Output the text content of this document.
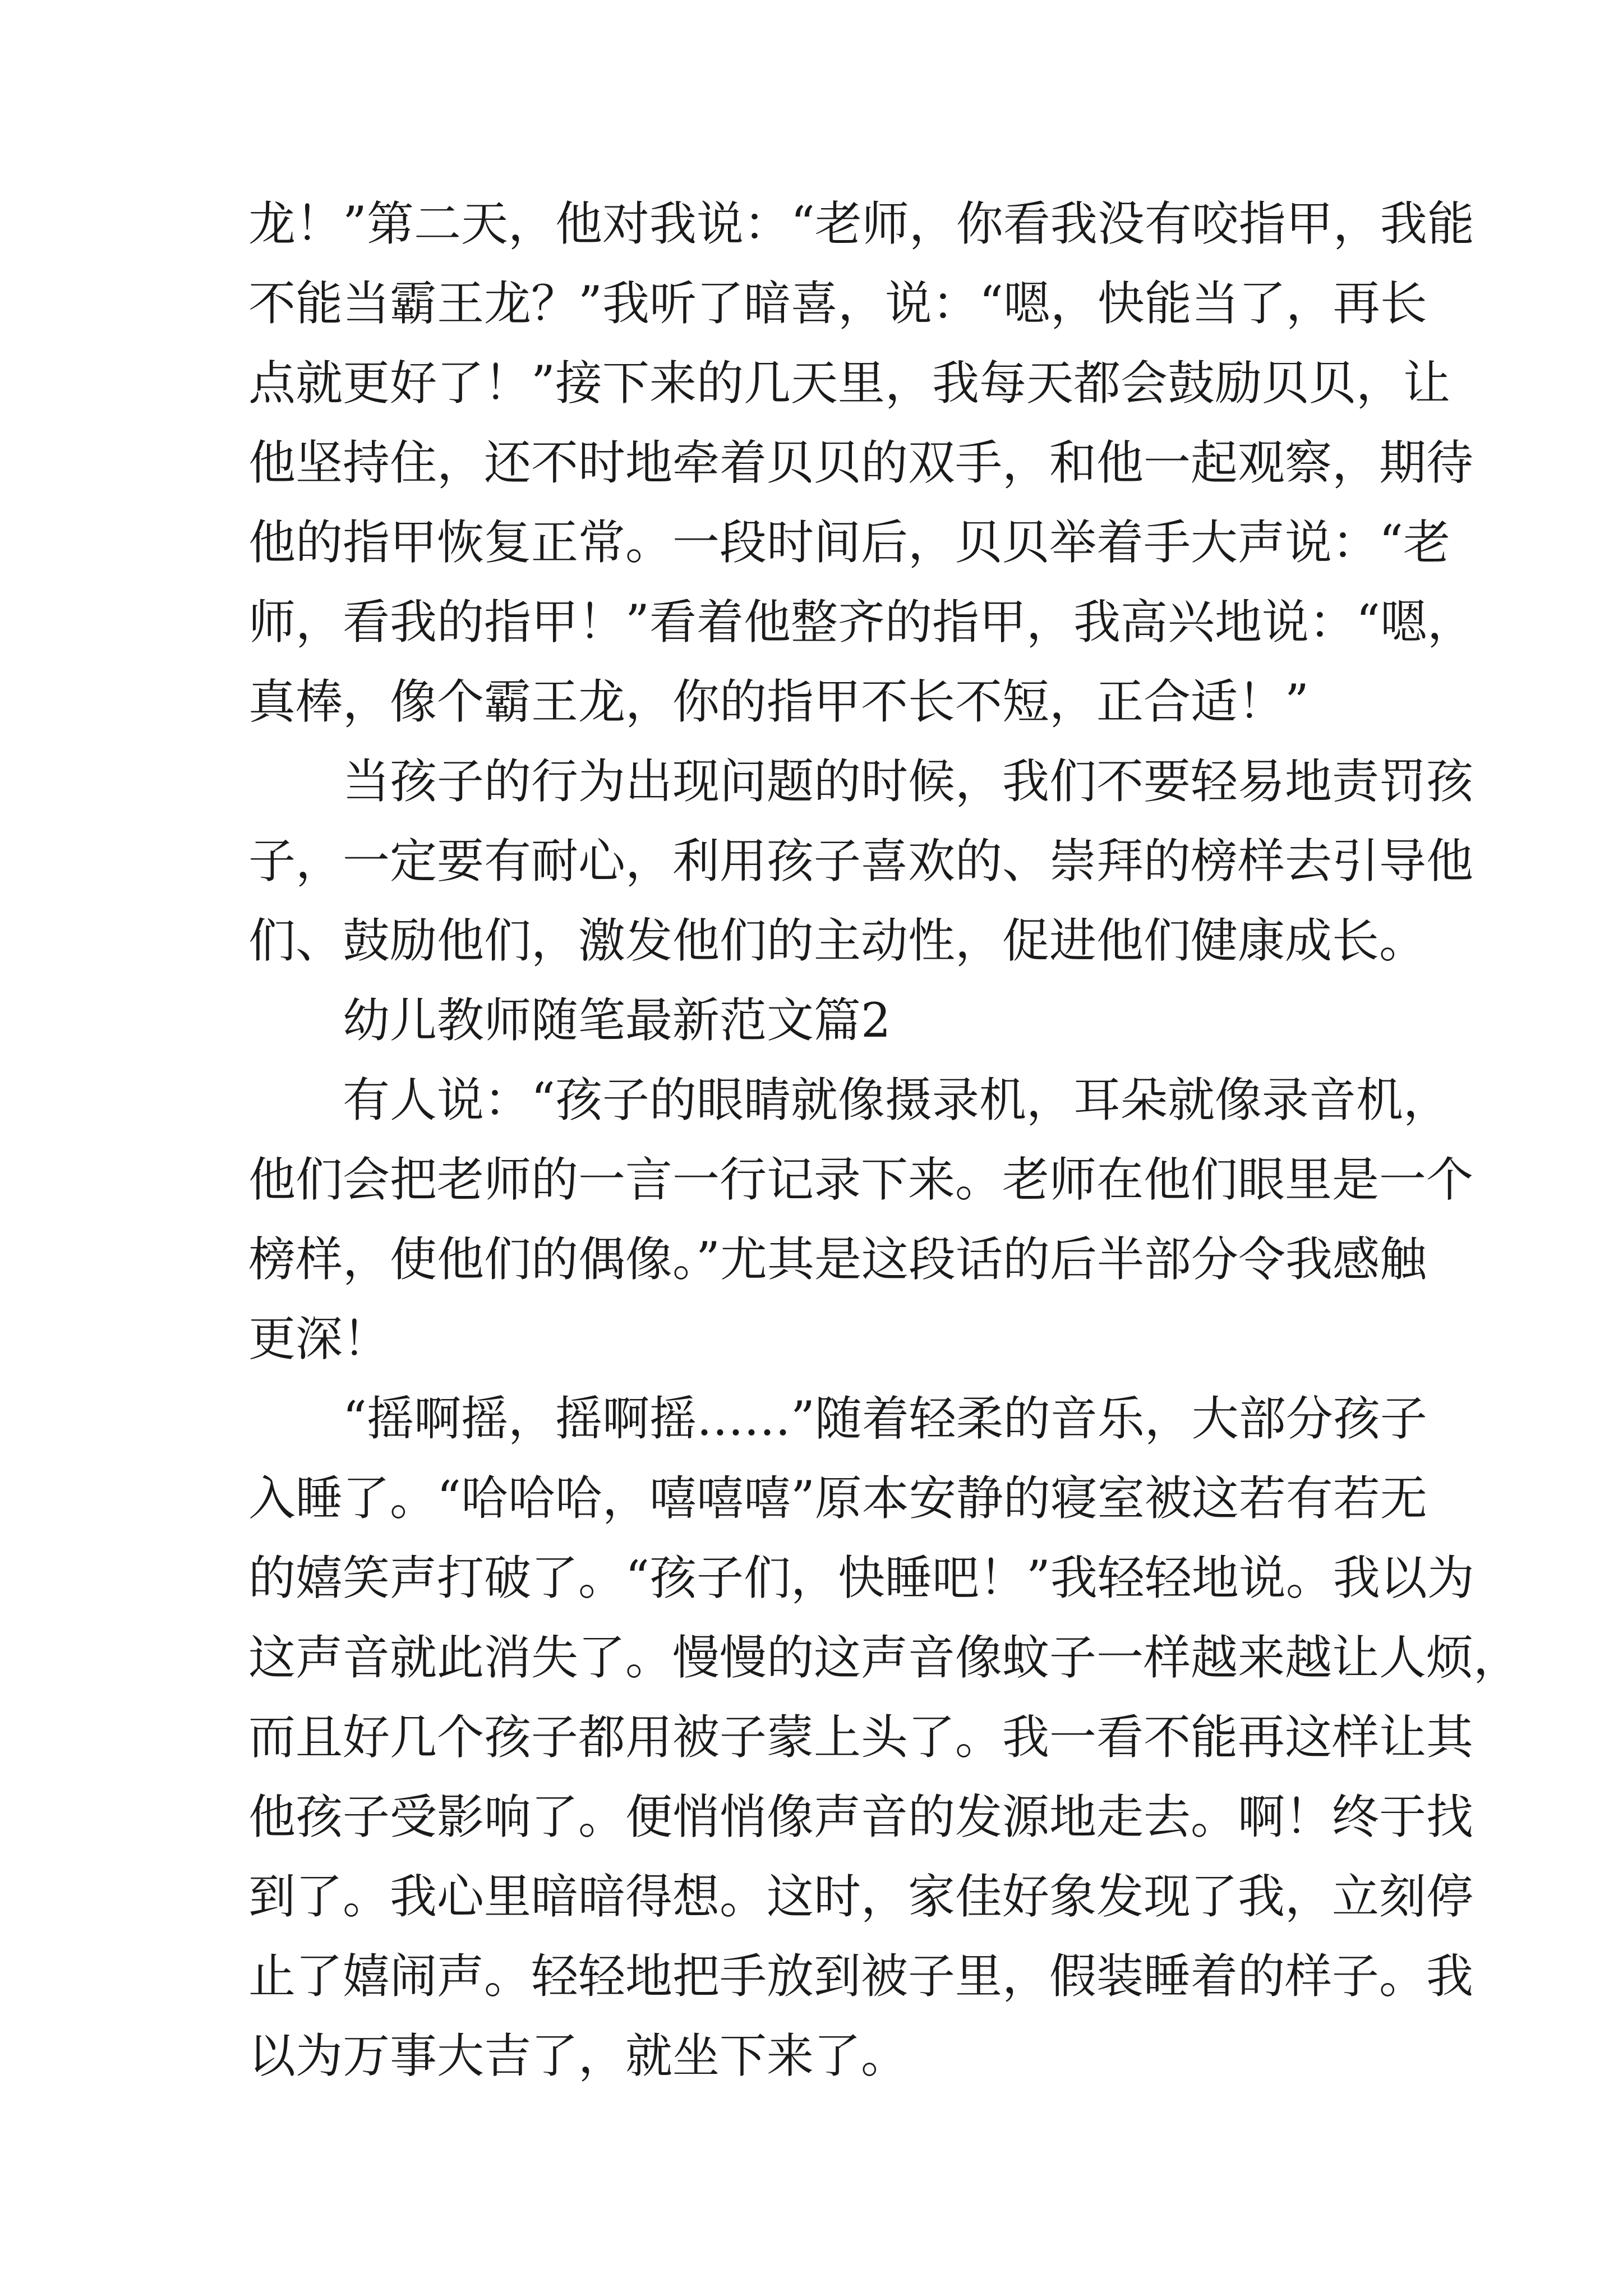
龙！”第二天，他对我说：“老师，你看我没有咬指甲，我能
不能当霸王龙？”我听了暗喜，说：“嗯，快能当了，再长
点就更好了！”接下来的几天里，我每天都会鼓励贝贝，让
他坚持住，还不时地牵着贝贝的双手，和他一起观察，期待
他的指甲恢复正常。一段时间后，贝贝举着手大声说：“老
师，看我的指甲！”看着他整齐的指甲，我高兴地说：“嗯，
真棒，像个霸王龙，你的指甲不长不短，正合适！”
当孩子的行为出现问题的时候，我们不要轻易地责罚孩
子，一定要有耐心，利用孩子喜欢的、崇拜的榜样去引导他
们、鼓励他们，激发他们的主动性，促进他们健康成长。
幼儿教师随笔最新范文篇2
有人说：“孩子的眼睛就像摄录机，耳朵就像录音机，
他们会把老师的一言一行记录下来。老师在他们眼里是一个
榜样，使他们的偶像。”尤其是这段话的后半部分令我感触
更深！
“摇啊摇，摇啊摇……”随着轻柔的音乐，大部分孩子
入睡了。“哈哈哈，嘻嘻嘻”原本安静的寝室被这若有若无
的嬉笑声打破了。“孩子们，快睡吧！”我轻轻地说。我以为
这声音就此消失了。慢慢的这声音像蚊子一样越来越让人烦，
而且好几个孩子都用被子蒙上头了。我一看不能再这样让其
他孩子受影响了。便悄悄像声音的发源地走去。啊！终于找
到了。我心里暗暗得想。这时，家佳好象发现了我，立刻停
止了嬉闹声。轻轻地把手放到被子里，假装睡着的样子。我
以为万事大吉了，就坐下来了。
